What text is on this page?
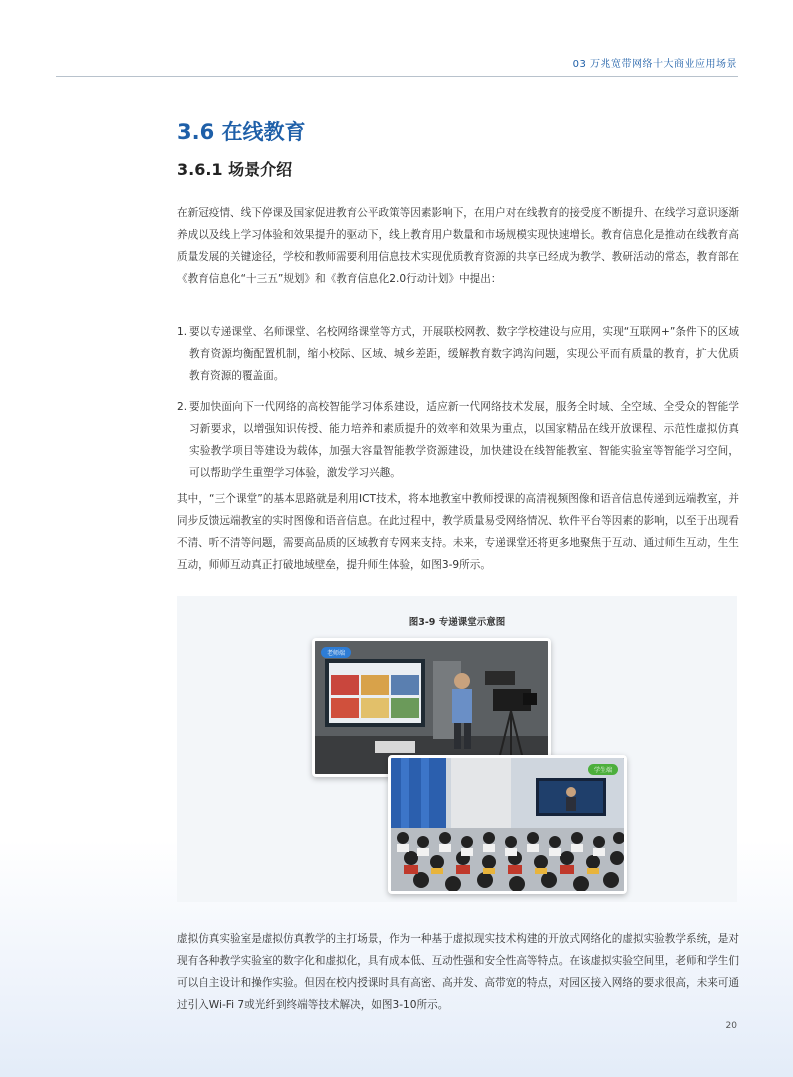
03 万兆宽带网络十大商业应用场景
3.6 在线教育
3.6.1 场景介绍

在新冠疫情、线下停课及国家促进教育公平政策等因素影响下，在用户对在线教育的接受度不断提升、在线学习意识逐渐养成以及线上学习体验和效果提升的驱动下，线上教育用户数量和市场规模实现快速增长。教育信息化是推动在线教育高质量发展的关键途径，学校和教师需要利用信息技术实现优质教育资源的共享已经成为教学、教研活动的常态，教育部在《教育信息化“十三五”规划》和《教育信息化2.0行动计划》中提出：

1. 要以专递课堂、名师课堂、名校网络课堂等方式，开展联校网教、数字学校建设与应用，实现“互联网+”条件下的区域教育资源均衡配置机制，缩小校际、区域、城乡差距，缓解教育数字鸿沟问题，实现公平而有质量的教育，扩大优质教育资源的覆盖面。
2. 要加快面向下一代网络的高校智能学习体系建设，适应新一代网络技术发展，服务全时域、全空域、全受众的智能学习新要求，以增强知识传授、能力培养和素质提升的效率和效果为重点，以国家精品在线开放课程、示范性虚拟仿真实验教学项目等建设为载体，加强大容量智能教学资源建设，加快建设在线智能教室、智能实验室等智能学习空间，可以帮助学生重塑学习体验，激发学习兴趣。

其中，“三个课堂”的基本思路就是利用ICT技术，将本地教室中教师授课的高清视频图像和语音信息传递到远端教室，并同步反馈远端教室的实时图像和语音信息。在此过程中，教学质量易受网络情况、软件平台等因素的影响，以至于出现看不清、听不清等问题，需要高品质的区域教育专网来支持。未来，专递课堂还将更多地聚焦于互动、通过师生互动，生生互动，师师互动真正打破地域壁垒，提升师生体验，如图3-9所示。

图3-9 专递课堂示意图
老师端
学生端

虚拟仿真实验室是虚拟仿真教学的主打场景，作为一种基于虚拟现实技术构建的开放式网络化的虚拟实验教学系统，是对现有各种教学实验室的数字化和虚拟化，具有成本低、互动性强和安全性高等特点。在该虚拟实验空间里，老师和学生们可以自主设计和操作实验。但因在校内授课时具有高密、高并发、高带宽的特点，对园区接入网络的要求很高，未来可通过引入Wi-Fi 7或光纤到终端等技术解决，如图3-10所示。

20
